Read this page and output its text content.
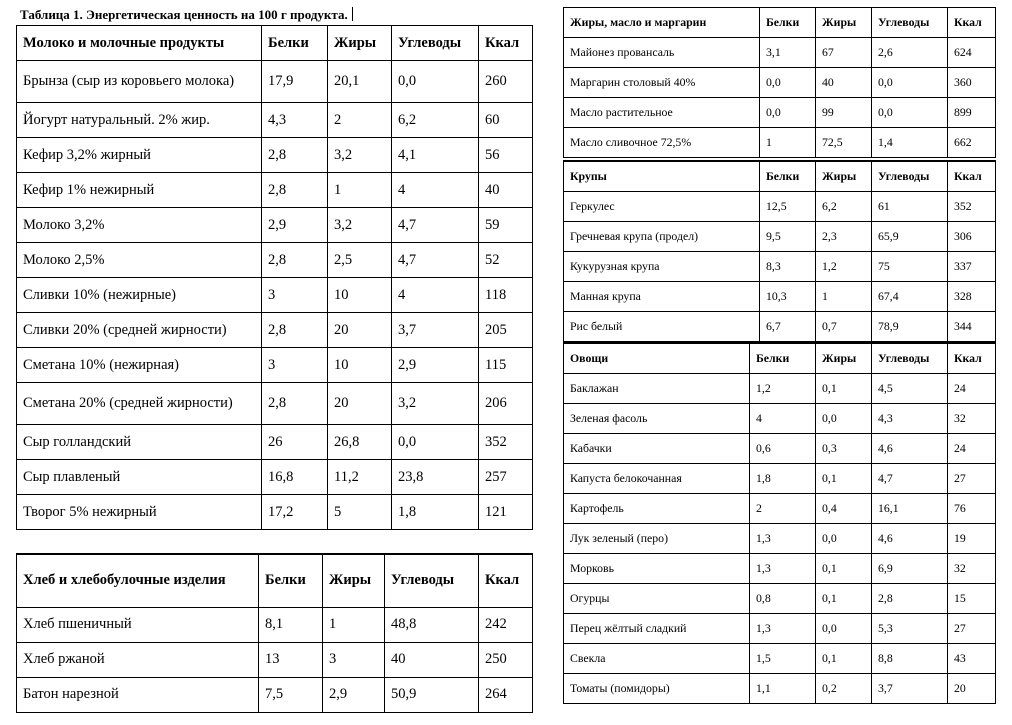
Таблица 1. Энергетическая ценность на 100 г продукта.
Молоко и молочные продукты	Белки	Жиры	Углеводы	Ккал
Брынза (сыр из коровьего молока)	17,9	20,1	0,0	260
Йогурт натуральный. 2% жир.	4,3	2	6,2	60
Кефир 3,2% жирный	2,8	3,2	4,1	56
Кефир 1% нежирный	2,8	1	4	40
Молоко 3,2%	2,9	3,2	4,7	59
Молоко 2,5%	2,8	2,5	4,7	52
Сливки 10% (нежирные)	3	10	4	118
Сливки 20% (средней жирности)	2,8	20	3,7	205
Сметана 10% (нежирная)	3	10	2,9	115
Сметана 20% (средней жирности)	2,8	20	3,2	206
Сыр голландский	26	26,8	0,0	352
Сыр плавленый	16,8	11,2	23,8	257
Творог 5% нежирный	17,2	5	1,8	121
Хлеб и хлебобулочные изделия	Белки	Жиры	Углеводы	Ккал
Хлеб пшеничный	8,1	1	48,8	242
Хлеб ржаной	13	3	40	250
Батон нарезной	7,5	2,9	50,9	264
Жиры, масло и маргарин	Белки	Жиры	Углеводы	Ккал
Майонез провансаль	3,1	67	2,6	624
Маргарин столовый 40%	0,0	40	0,0	360
Масло растительное	0,0	99	0,0	899
Масло сливочное 72,5%	1	72,5	1,4	662
Крупы	Белки	Жиры	Углеводы	Ккал
Геркулес	12,5	6,2	61	352
Гречневая крупа (продел)	9,5	2,3	65,9	306
Кукурузная крупа	8,3	1,2	75	337
Манная крупа	10,3	1	67,4	328
Рис белый	6,7	0,7	78,9	344
Овощи	Белки	Жиры	Углеводы	Ккал
Баклажан	1,2	0,1	4,5	24
Зеленая фасоль	4	0,0	4,3	32
Кабачки	0,6	0,3	4,6	24
Капуста белокочанная	1,8	0,1	4,7	27
Картофель	2	0,4	16,1	76
Лук зеленый (перо)	1,3	0,0	4,6	19
Морковь	1,3	0,1	6,9	32
Огурцы	0,8	0,1	2,8	15
Перец жёлтый сладкий	1,3	0,0	5,3	27
Свекла	1,5	0,1	8,8	43
Томаты (помидоры)	1,1	0,2	3,7	20
